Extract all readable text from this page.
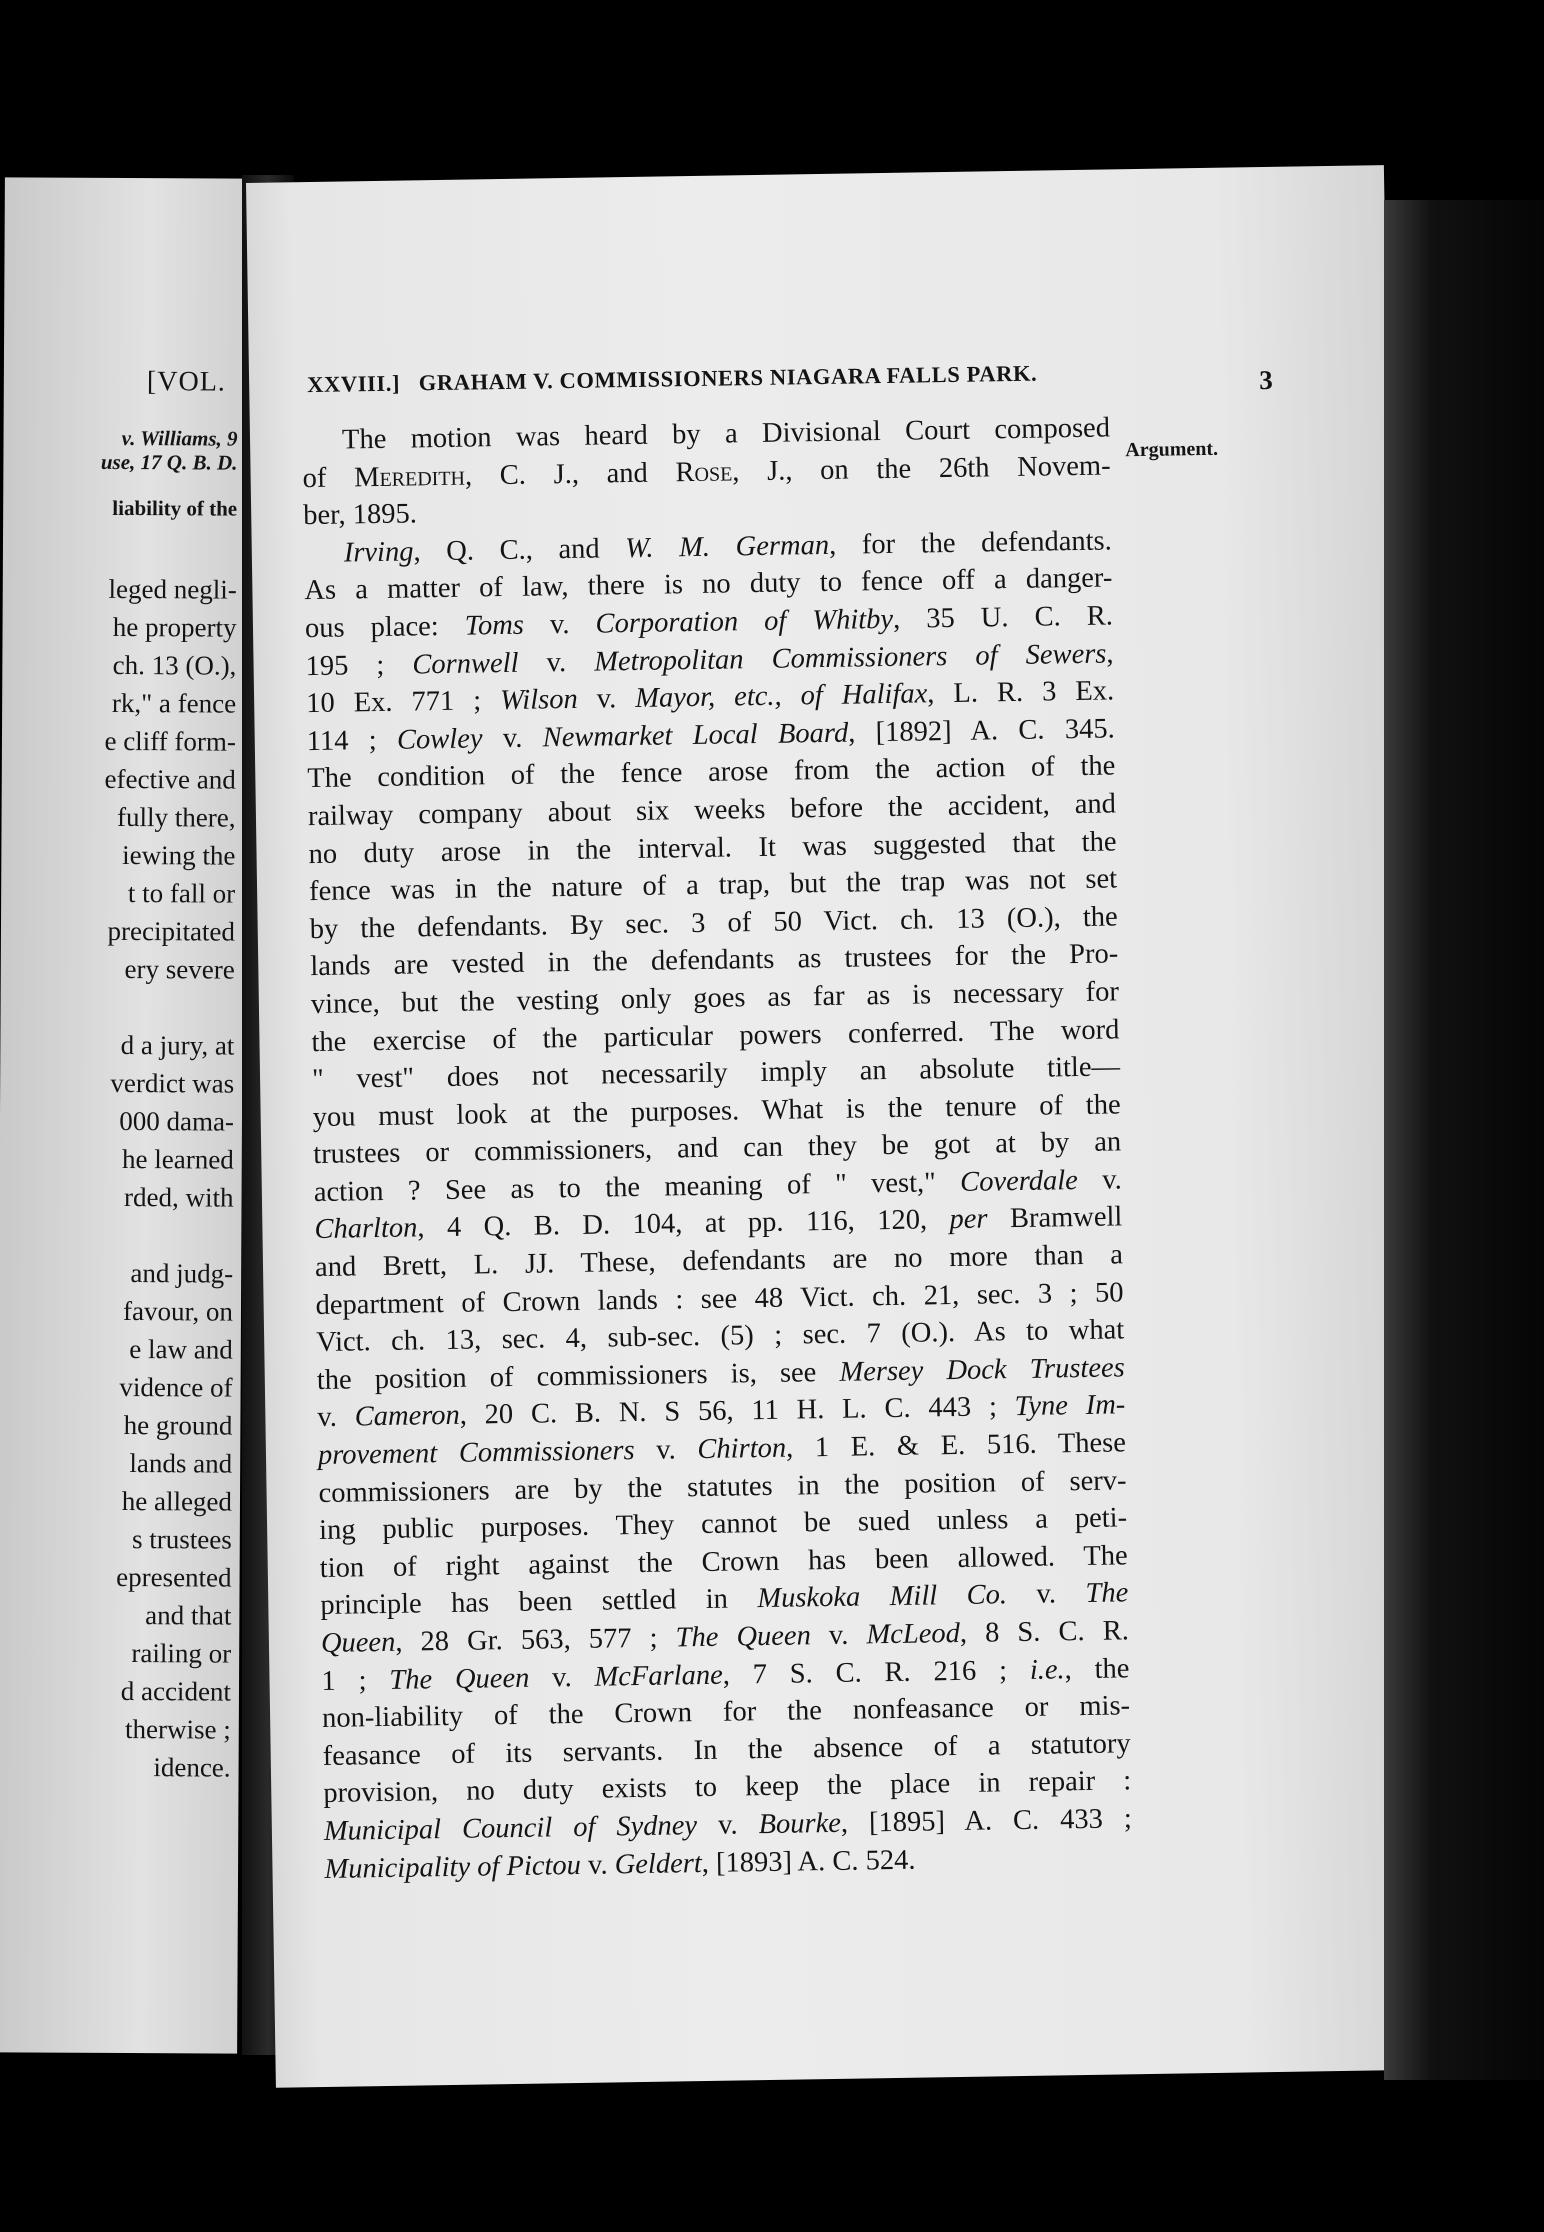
[VOL.
v. Williams, 9
use, 17 Q. B. D.
liability of the
leged negli-
he property
ch. 13 (O.),
rk," a fence
e cliff form-
efective and
fully there,
iewing the
t to fall or
precipitated
ery severe
d a jury, at
verdict was
000 dama-
he learned
rded, with
and judg-
favour, on
e law and
vidence of
he ground
lands and
he alleged
s trustees
epresented
and that
railing or
d accident
therwise ;
idence.
XXVIII.] GRAHAM V. COMMISSIONERS NIAGARA FALLS PARK.	3
Argument.
The motion was heard by a Divisional Court composed
of Meredith, C. J., and Rose, J., on the 26th Novem-
ber, 1895.
Irving, Q. C., and W. M. German, for the defendants.
As a matter of law, there is no duty to fence off a danger-
ous place: Toms v. Corporation of Whitby, 35 U. C. R.
195 ; Cornwell v. Metropolitan Commissioners of Sewers,
10 Ex. 771 ; Wilson v. Mayor, etc., of Halifax, L. R. 3 Ex.
114 ; Cowley v. Newmarket Local Board, [1892] A. C. 345.
The condition of the fence arose from the action of the
railway company about six weeks before the accident, and
no duty arose in the interval. It was suggested that the
fence was in the nature of a trap, but the trap was not set
by the defendants. By sec. 3 of 50 Vict. ch. 13 (O.), the
lands are vested in the defendants as trustees for the Pro-
vince, but the vesting only goes as far as is necessary for
the exercise of the particular powers conferred. The word
" vest" does not necessarily imply an absolute title—
you must look at the purposes. What is the tenure of the
trustees or commissioners, and can they be got at by an
action ? See as to the meaning of " vest," Coverdale v.
Charlton, 4 Q. B. D. 104, at pp. 116, 120, per Bramwell
and Brett, L. JJ. These, defendants are no more than a
department of Crown lands : see 48 Vict. ch. 21, sec. 3 ; 50
Vict. ch. 13, sec. 4, sub-sec. (5) ; sec. 7 (O.). As to what
the position of commissioners is, see Mersey Dock Trustees
v. Cameron, 20 C. B. N. S 56, 11 H. L. C. 443 ; Tyne Im-
provement Commissioners v. Chirton, 1 E. & E. 516. These
commissioners are by the statutes in the position of serv-
ing public purposes. They cannot be sued unless a peti-
tion of right against the Crown has been allowed. The
principle has been settled in Muskoka Mill Co. v. The
Queen, 28 Gr. 563, 577 ; The Queen v. McLeod, 8 S. C. R.
1 ; The Queen v. McFarlane, 7 S. C. R. 216 ; i.e., the
non-liability of the Crown for the nonfeasance or mis-
feasance of its servants. In the absence of a statutory
provision, no duty exists to keep the place in repair :
Municipal Council of Sydney v. Bourke, [1895] A. C. 433 ;
Municipality of Pictou v. Geldert, [1893] A. C. 524.
